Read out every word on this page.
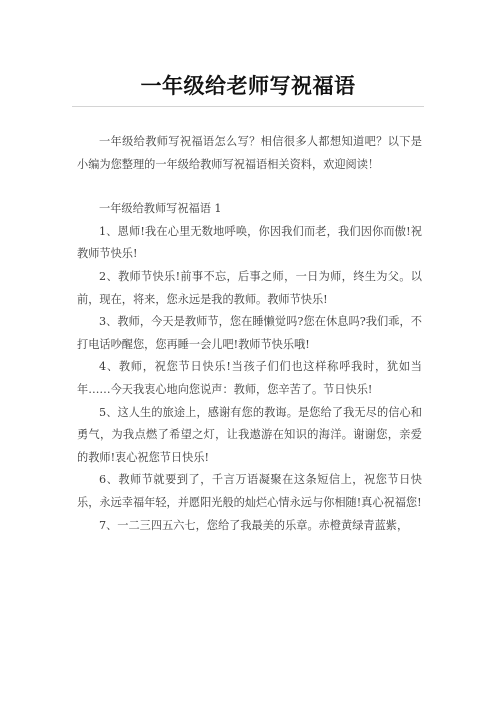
一年级给老师写祝福语

一年级给教师写祝福语怎么写？相信很多人都想知道吧？以下是小编为您整理的一年级给教师写祝福语相关资料，欢迎阅读！

一年级给教师写祝福语 1

1、恩师!我在心里无数地呼唤，你因我们而老，我们因你而傲!祝教师节快乐!

2、教师节快乐!前事不忘，后事之师，一日为师，终生为父。以前，现在，将来，您永远是我的教师。教师节快乐!

3、教师，今天是教师节，您在睡懒觉吗?您在休息吗?我们乖，不打电话吵醒您，您再睡一会儿吧!教师节快乐哦!

4、教师，祝您节日快乐!当孩子们们也这样称呼我时，犹如当年……今天我衷心地向您说声：教师，您辛苦了。节日快乐!

5、这人生的旅途上，感谢有您的教诲。是您给了我无尽的信心和勇气，为我点燃了希望之灯，让我遨游在知识的海洋。谢谢您，亲爱的教师!衷心祝您节日快乐!

6、教师节就要到了，千言万语凝聚在这条短信上，祝您节日快乐，永远幸福年轻，并愿阳光般的灿烂心情永远与你相随!真心祝福您!

7、一二三四五六七，您给了我最美的乐章。赤橙黄绿青蓝紫，
